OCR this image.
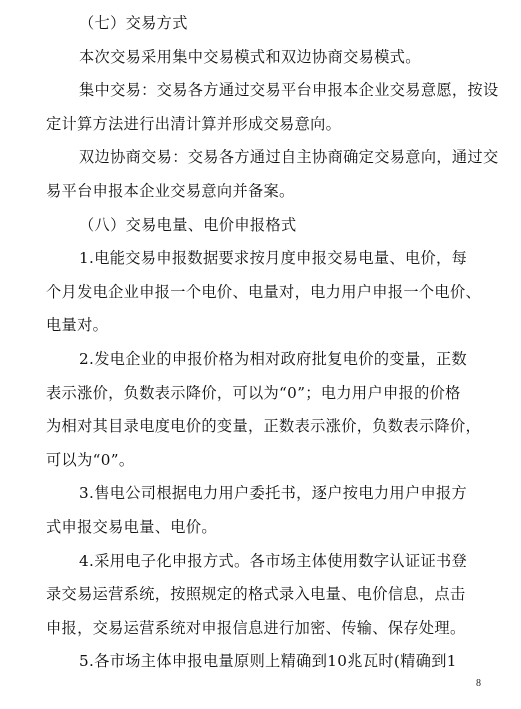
（七）交易方式
本次交易采用集中交易模式和双边协商交易模式。
集中交易：交易各方通过交易平台申报本企业交易意愿，按设
定计算方法进行出清计算并形成交易意向。
双边协商交易：交易各方通过自主协商确定交易意向，通过交
易平台申报本企业交易意向并备案。
（八）交易电量、电价申报格式
1.电能交易申报数据要求按月度申报交易电量、电价，每
个月发电企业申报一个电价、电量对，电力用户申报一个电价、
电量对。
2.发电企业的申报价格为相对政府批复电价的变量，正数
表示涨价，负数表示降价，可以为“0”；电力用户申报的价格
为相对其目录电度电价的变量，正数表示涨价，负数表示降价，
可以为“0”。
3.售电公司根据电力用户委托书，逐户按电力用户申报方
式申报交易电量、电价。
4.采用电子化申报方式。各市场主体使用数字认证证书登
录交易运营系统，按照规定的格式录入电量、电价信息，点击
申报，交易运营系统对申报信息进行加密、传输、保存处理。
5.各市场主体申报电量原则上精确到10兆瓦时(精确到1
8
